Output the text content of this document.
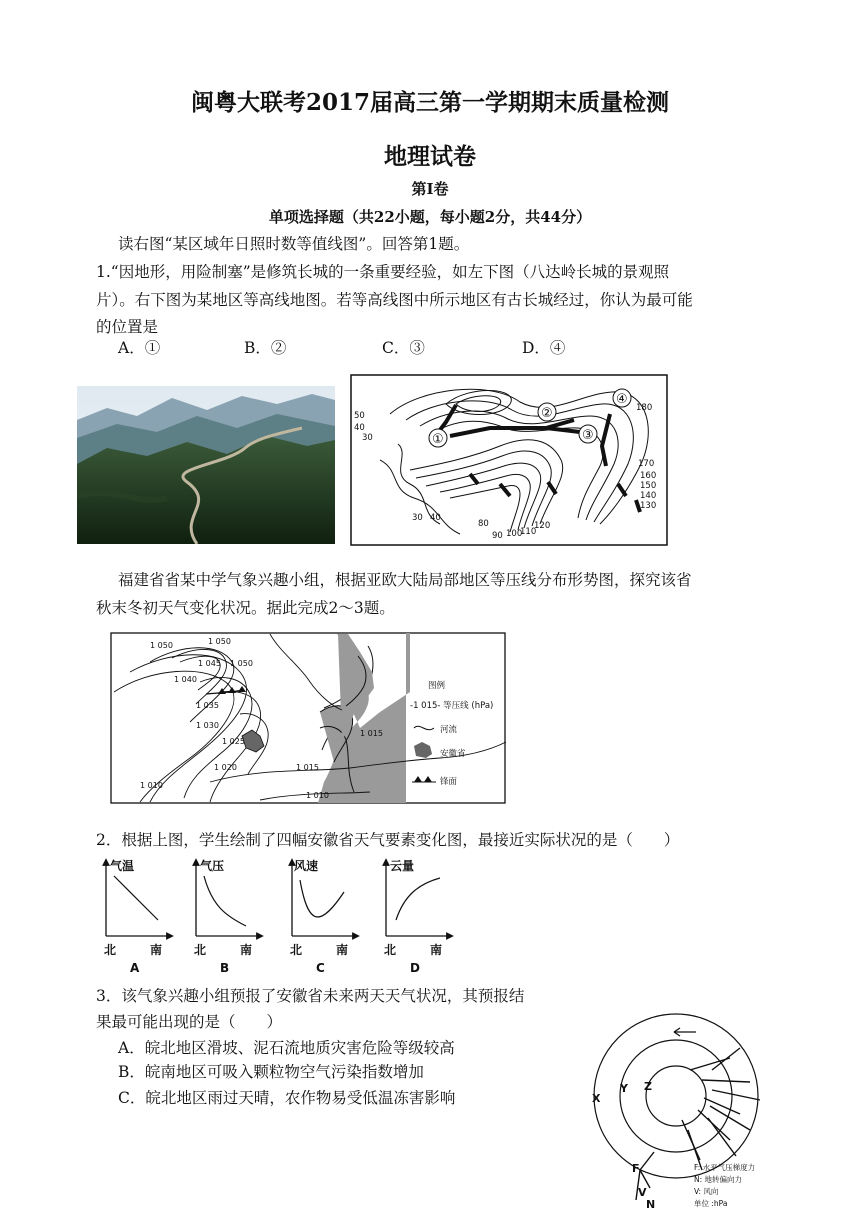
闽粤大联考2017届高三第一学期期末质量检测
地理试卷
第Ⅰ卷
单项选择题（共22小题，每小题2分，共44分）
读右图“某区域年日照时数等值线图”。回答第1题。
1.“因地形，用险制塞”是修筑长城的一条重要经验，如左下图（八达岭长城的景观照
片）。右下图为某地区等高线地图。若等高线图中所示地区有古长城经过，你认为最可能
的位置是
A．①	B．②	C．③	D．④
①
②
③
④
50
40
30
180
170
160
150
140
130
30 40
80
90 100
110
120
福建省省某中学气象兴趣小组，根据亚欧大陆局部地区等压线分布形势图，探究该省
秋末冬初天气变化状况。据此完成2～3题。
1 050	1 050
1 050
1 045
1 040
1 035
1 030
1 025
1 020
1 010
1 015
1 010
1 015
图例
-1 015- 等压线 (hPa)
河流
安徽省
锋面
2．根据上图，学生绘制了四幅安徽省天气要素变化图，最接近实际状况的是（　　）
气温
北	南
A
气压
北	南
B
风速
北	南
C
云量
北	南
D
3．该气象兴趣小组预报了安徽省未来两天天气状况，其预报结
果最可能出现的是（　　）
A．皖北地区滑坡、泥石流地质灾害危险等级较高
B．皖南地区可吸入颗粒物空气污染指数增加
C．皖北地区雨过天晴，农作物易受低温冻害影响	X
Y Z
F
V
N
F: 水平气压梯度力
N: 地转偏向力
V: 风向
单位 :hPa
